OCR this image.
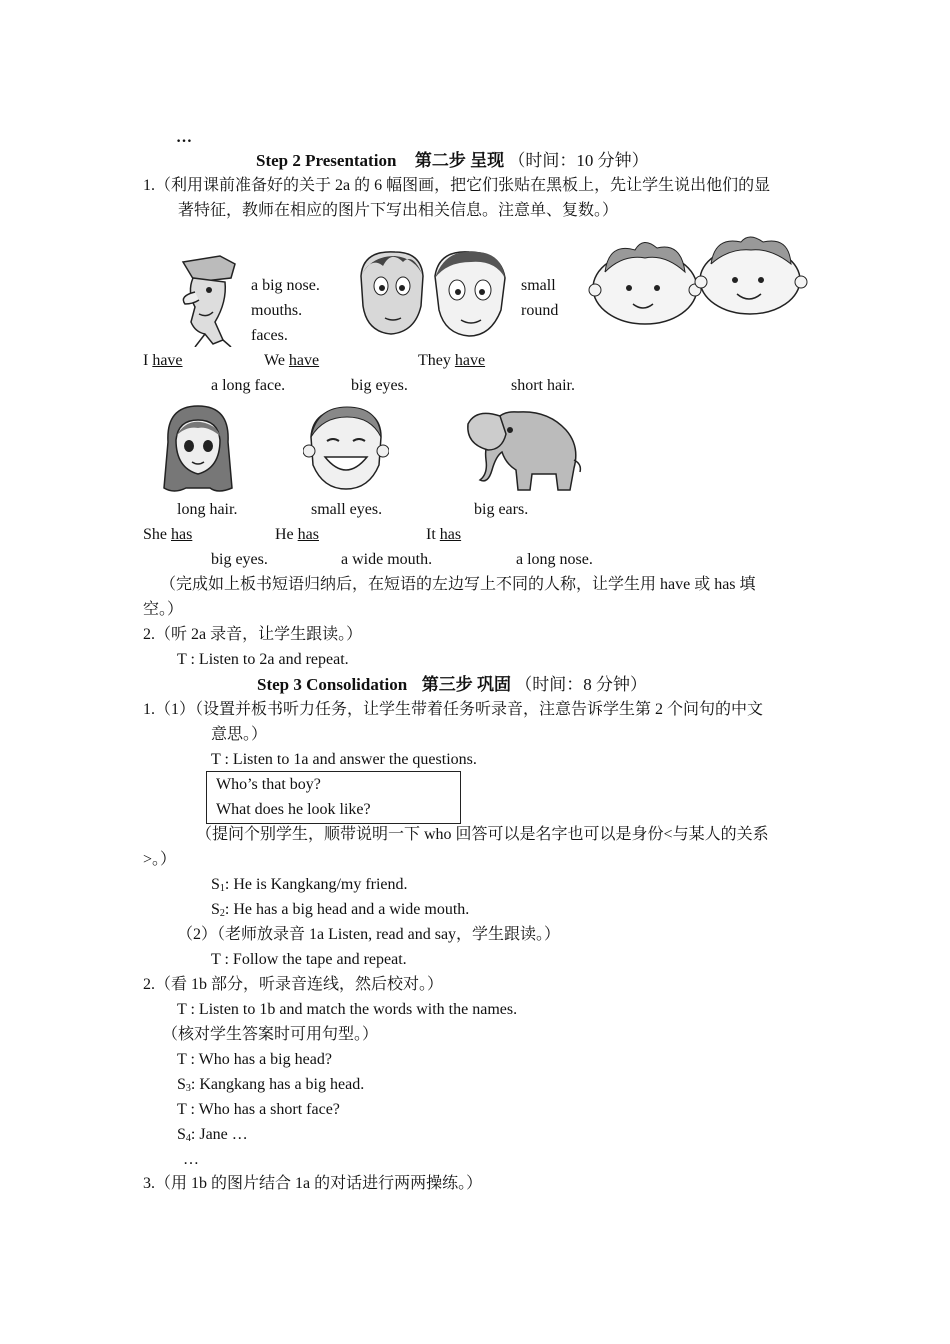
…
Step 2 Presentation 第二步 呈现 （时间：10 分钟）
1.（利用课前准备好的关于 2a 的 6 幅图画，把它们张贴在黑板上，先让学生说出他们的显
著特征，教师在相应的图片下写出相关信息。注意单、复数。）
a big nose.
mouths.
faces.
small
round
I have	We have	They have
a long face.	big eyes.	short hair.
long hair.	small eyes.	big ears.
She has	He has	It has
big eyes.	a wide mouth.	a long nose.
（完成如上板书短语归纳后，在短语的左边写上不同的人称，让学生用 have 或 has 填
空。）
2.（听 2a 录音，让学生跟读。）
T : Listen to 2a and repeat.
Step 3 Consolidation 第三步 巩固 （时间：8 分钟）
1.（1）（设置并板书听力任务，让学生带着任务听录音，注意告诉学生第 2 个问句的中文
意思。）
T : Listen to 1a and answer the questions.
Who’s that boy?
What does he look like?
（提问个别学生，顺带说明一下 who 回答可以是名字也可以是身份<与某人的关系
>。）
$S_1$: He is Kangkang/my friend.
$S_2$: He has a big head and a wide mouth.
（2）（老师放录音 1a Listen, read and say，学生跟读。）
T : Follow the tape and repeat.
2.（看 1b 部分，听录音连线，然后校对。）
T : Listen to 1b and match the words with the names.
（核对学生答案时可用句型。）
T : Who has a big head?
$S_3$: Kangkang has a big head.
T : Who has a short face?
$S_4$: Jane …
…
3.（用 1b 的图片结合 1a 的对话进行两两操练。）
